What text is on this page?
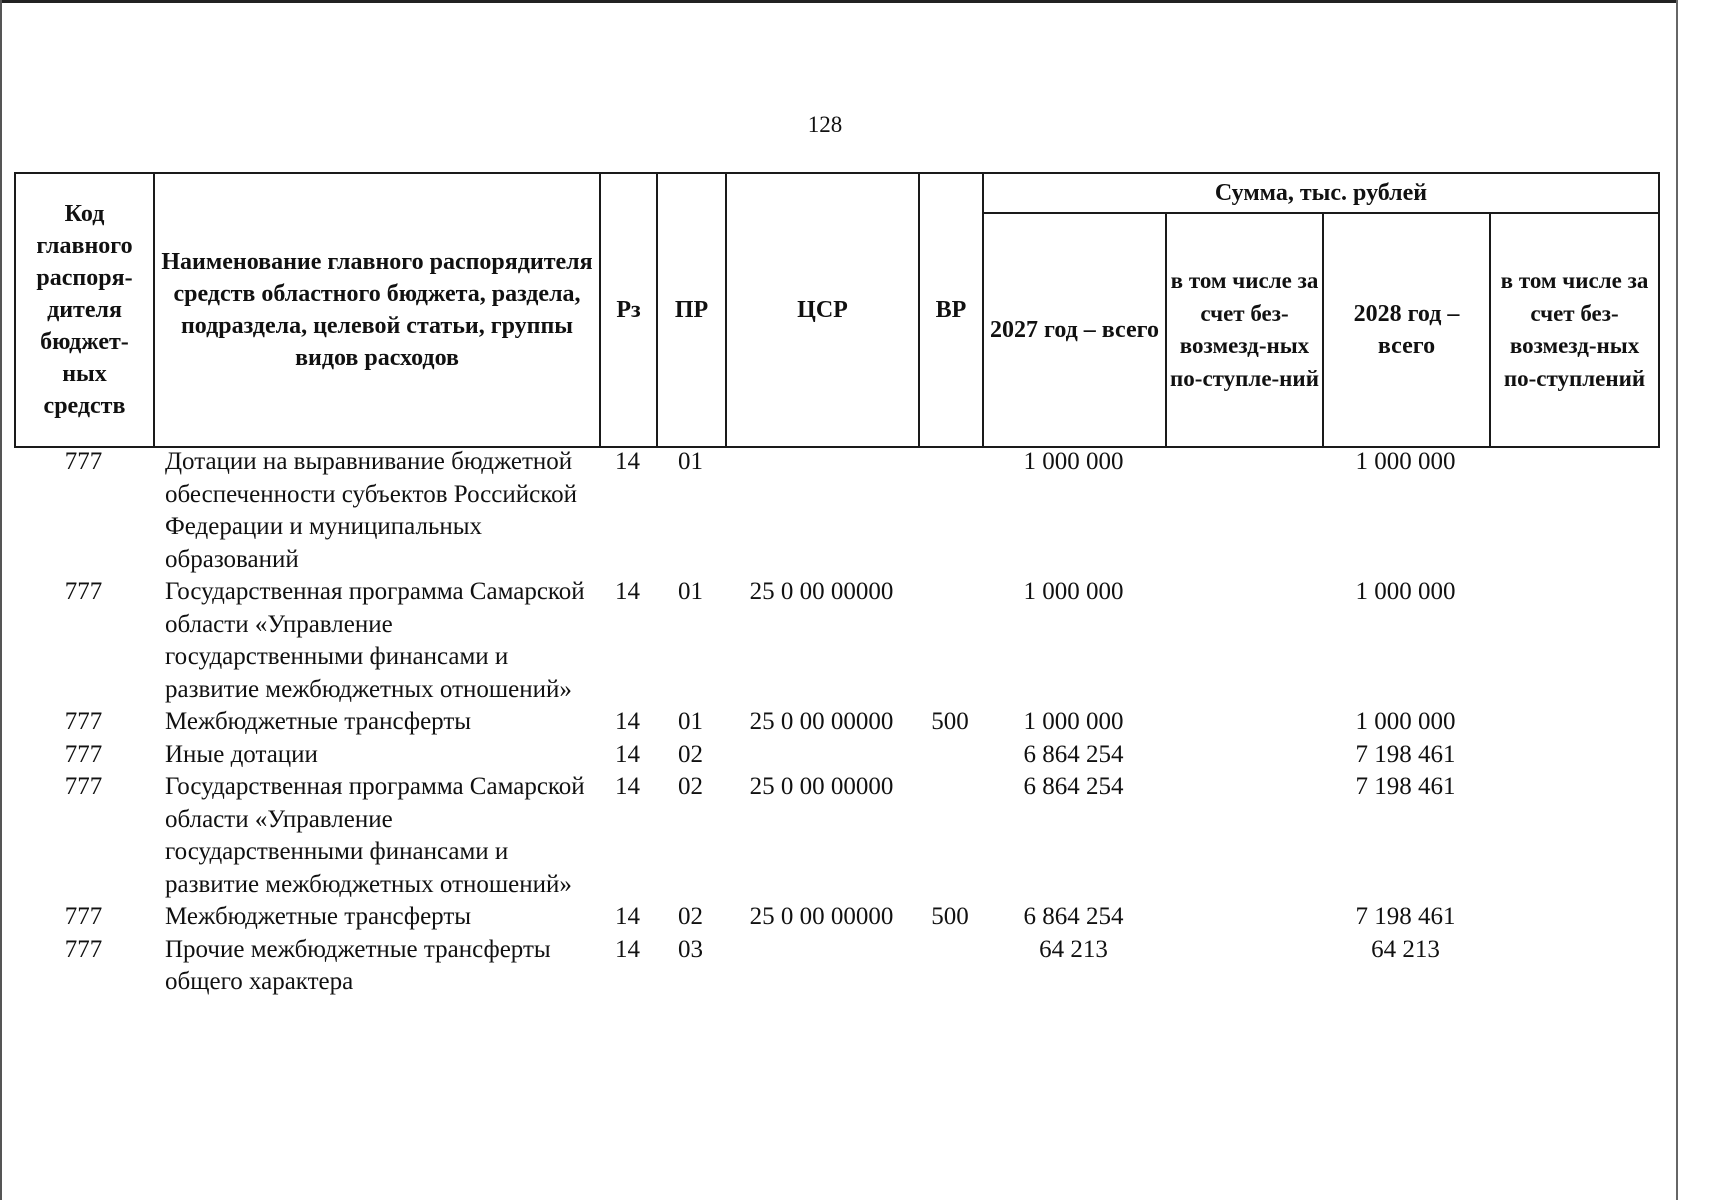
128
Код главного распоря-дителя бюджет-ных средств	Наименование главного распорядителя средств областного бюджета, раздела, подраздела, целевой статьи, группы видов расходов	Рз	ПР	ЦСР	ВР	Сумма, тыс. рублей			
						2027 год – всего	в том числе за счет без-возмезд-ных по-ступле-ний	2028 год – всего	в том числе за счет без-возмезд-ных по-ступлений
777	Дотации на выравнивание бюджетной обеспеченности субъектов Российской Федерации и муниципальных образований	14	01			1 000 000		1 000 000	
777	Государственная программа Самарской области «Управление государственными финансами и развитие межбюджетных отношений»	14	01	25 0 00 00000		1 000 000		1 000 000	
777	Межбюджетные трансферты	14	01	25 0 00 00000	500	1 000 000		1 000 000	
777	Иные дотации	14	02			6 864 254		7 198 461	
777	Государственная программа Самарской области «Управление государственными финансами и развитие межбюджетных отношений»	14	02	25 0 00 00000		6 864 254		7 198 461	
777	Межбюджетные трансферты	14	02	25 0 00 00000	500	6 864 254		7 198 461	
777	Прочие межбюджетные трансферты общего характера	14	03			64 213		64 213	
